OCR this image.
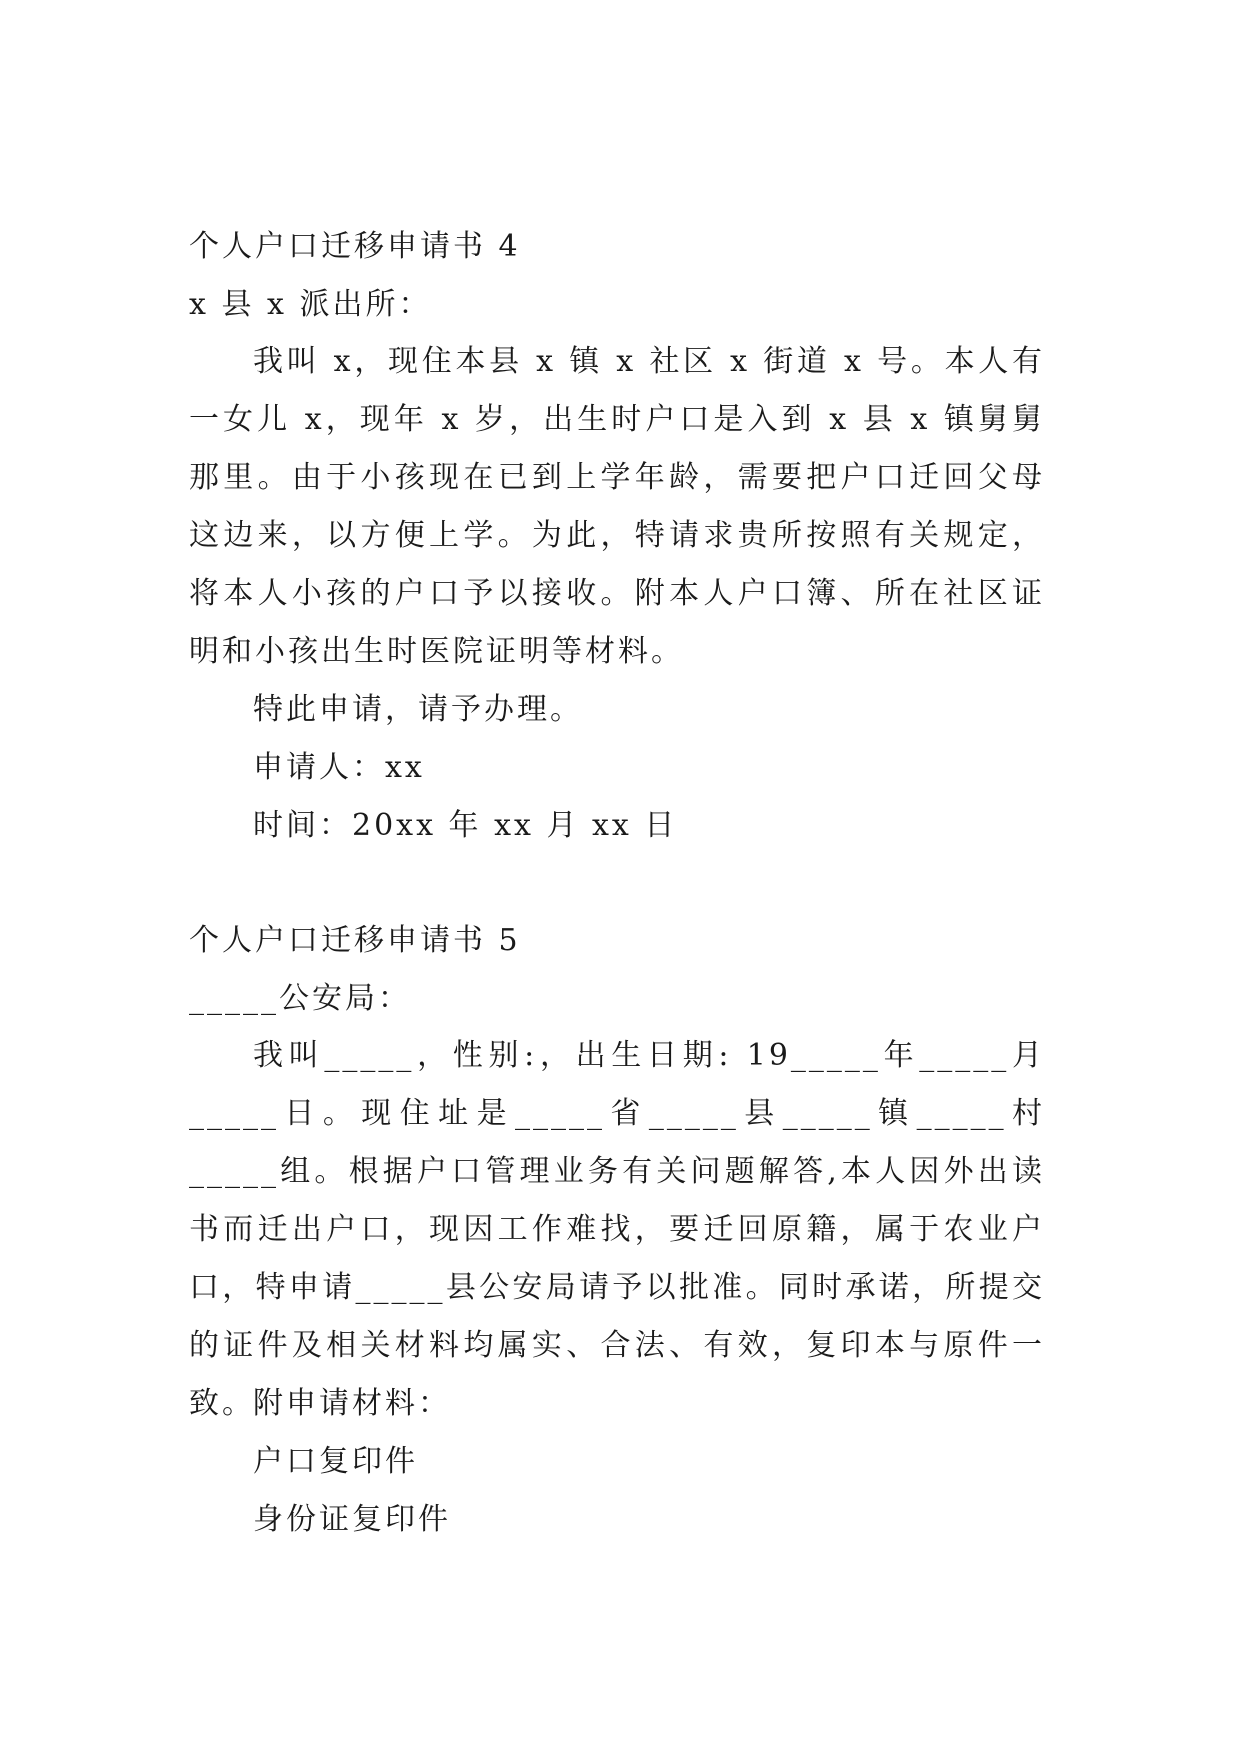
个人户口迁移申请书 4
x 县 x 派出所：
我叫 x，现住本县 x 镇 x 社区 x 街道 x 号。本人有一女儿 x，现年 x 岁，出生时户口是入到 x 县 x 镇舅舅那里。由于小孩现在已到上学年龄，需要把户口迁回父母这边来，以方便上学。为此，特请求贵所按照有关规定，将本人小孩的户口予以接收。附本人户口簿、所在社区证明和小孩出生时医院证明等材料。
特此申请，请予办理。
申请人：xx
时间：20xx 年 xx 月 xx 日
个人户口迁移申请书 5
_____公安局：
我叫_____，性别:，出生日期: 19_____年_____月_____日。现住址是_____省_____县_____镇_____村_____组。根据户口管理业务有关问题解答,本人因外出读书而迁出户口，现因工作难找，要迁回原籍，属于农业户口，特申请_____县公安局请予以批准。同时承诺，所提交的证件及相关材料均属实、合法、有效，复印本与原件一致。
附申请材料：
户口复印件
身份证复印件
